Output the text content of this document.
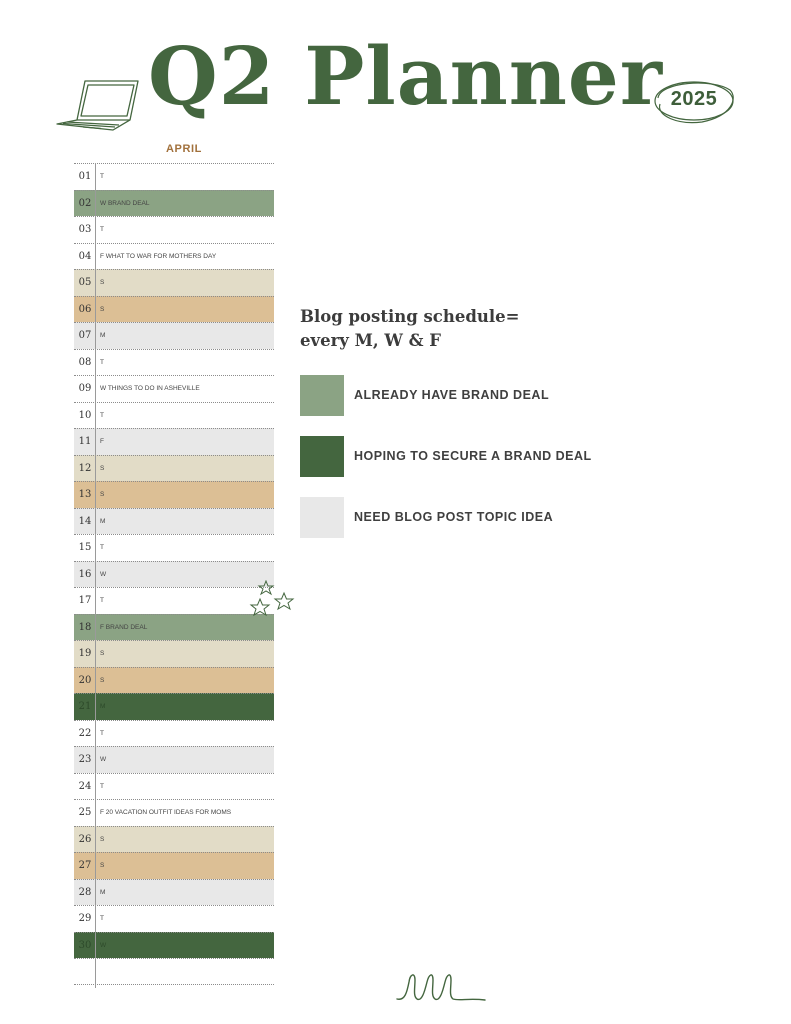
Q2 Planner 2025
APRIL
01	T
02	W BRAND DEAL
03	T
04	F WHAT TO WAR FOR MOTHERS DAY
05	S
06	S
07	M
08	T
09	W THINGS TO DO IN ASHEVILLE
10	T
11	F
12	S
13	S
14	M
15	T
16	W
17	T
18	F BRAND DEAL
19	S
20	S
21	M
22	T
23	W
24	T
25	F 20 VACATION OUTFIT IDEAS FOR MOMS
26	S
27	S
28	M
29	T
30	W
Blog posting schedule=
every M, W & F
ALREADY HAVE BRAND DEAL
HOPING TO SECURE A BRAND DEAL
NEED BLOG POST TOPIC IDEA
